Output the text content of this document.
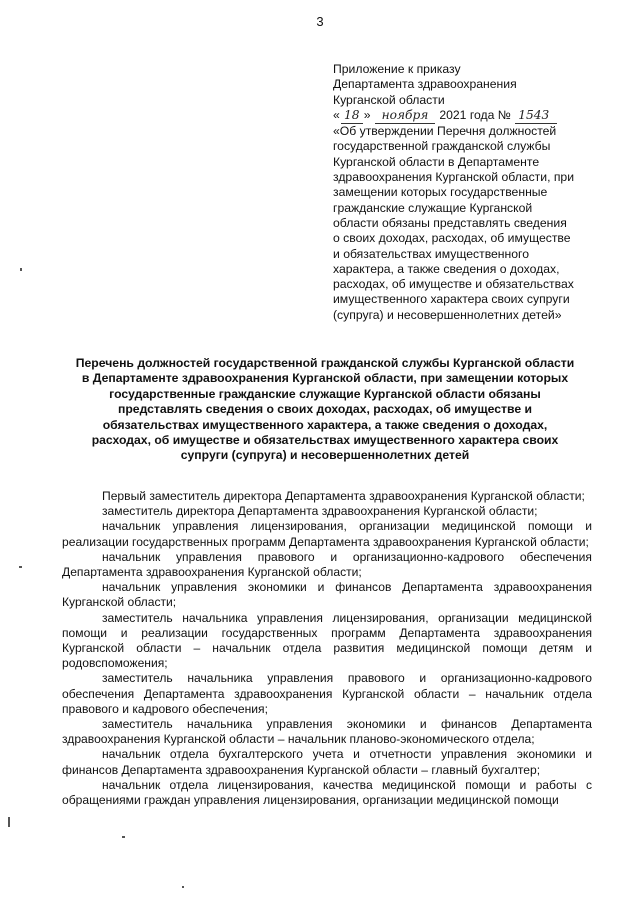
3
Приложение к приказу
Департамента здравоохранения
Курганской области
« 18 » ноября 2021 года № 1543
«Об утверждении Перечня должностей
государственной гражданской службы
Курганской области в Департаменте
здравоохранения Курганской области, при
замещении которых государственные
гражданские служащие Курганской
области обязаны представлять сведения
о своих доходах, расходах, об имуществе
и обязательствах имущественного
характера, а также сведения о доходах,
расходах, об имуществе и обязательствах
имущественного характера своих супруги
(супруга) и несовершеннолетних детей»
Перечень должностей государственной гражданской службы Курганской области
в Департаменте здравоохранения Курганской области, при замещении которых
государственные гражданские служащие Курганской области обязаны
представлять сведения о своих доходах, расходах, об имуществе и
обязательствах имущественного характера, а также сведения о доходах,
расходах, об имуществе и обязательствах имущественного характера своих
супруги (супруга) и несовершеннолетних детей

Первый заместитель директора Департамента здравоохранения Курганской области;

заместитель директора Департамента здравоохранения Курганской области;

начальник управления лицензирования, организации медицинской помощи и реализации государственных программ Департамента здравоохранения Курганской области;

начальник управления правового и организационно-кадрового обеспечения Департамента здравоохранения Курганской области;

начальник управления экономики и финансов Департамента здравоохранения Курганской области;

заместитель начальника управления лицензирования, организации медицинской помощи и реализации государственных программ Департамента здравоохранения Курганской области – начальник отдела развития медицинской помощи детям и родовспоможения;

заместитель начальника управления правового и организационно-кадрового обеспечения Департамента здравоохранения Курганской области – начальник отдела правового и кадрового обеспечения;

заместитель начальника управления экономики и финансов Департамента здравоохранения Курганской области – начальник планово-экономического отдела;

начальник отдела бухгалтерского учета и отчетности управления экономики и финансов Департамента здравоохранения Курганской области – главный бухгалтер;

начальник отдела лицензирования, качества медицинской помощи и работы с обращениями граждан управления лицензирования, организации медицинской помощи
